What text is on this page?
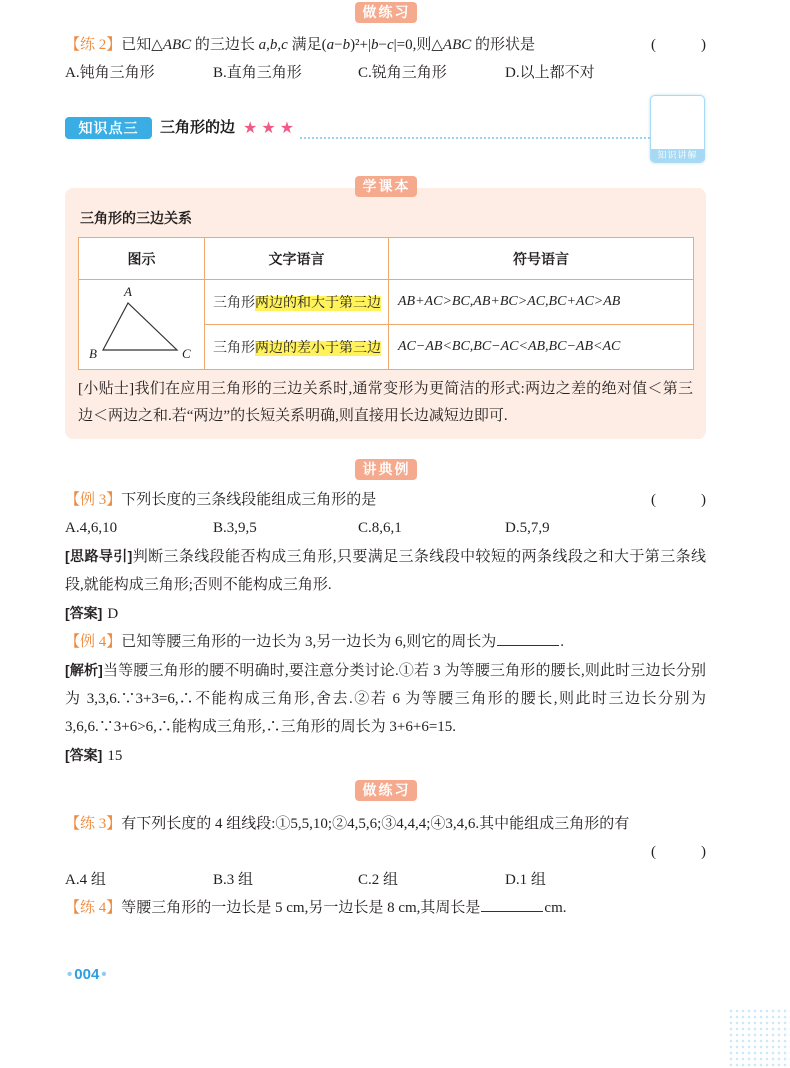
做练习
【练 2】已知△ABC 的三边长 a,b,c 满足(a−b)²+|b−c|=0,则△ABC 的形状是	(　　　)
A.钝角三角形	B.直角三角形	C.锐角三角形	D.以上都不对
知识点三	三角形的边
★ ★ ★
知识讲解
学课本
三角形的三边关系
图示	文字语言	符号语言

A
B C	三角形两边的和大于第三边	AB+AC>BC,AB+BC>AC,BC+AC>AB
	三角形两边的差小于第三边	AC−AB<BC,BC−AC<AB,BC−AB<AC
[小贴士]我们在应用三角形的三边关系时,通常变形为更简洁的形式:两边之差的绝对值＜第三边＜两边之和.若“两边”的长短关系明确,则直接用长边减短边即可.
讲典例
【例 3】下列长度的三条线段能组成三角形的是	(　　　)
A.4,6,10	B.3,9,5	C.8,6,1	D.5,7,9
[思路导引]判断三条线段能否构成三角形,只要满足三条线段中较短的两条线段之和大于第三条线段,就能构成三角形;否则不能构成三角形.
[答案] D
【例 4】已知等腰三角形的一边长为 3,另一边长为 6,则它的周长为	.
[解析]当等腰三角形的腰不明确时,要注意分类讨论.①若 3 为等腰三角形的腰长,则此时三边长分别为 3,3,6.∵3+3=6,∴不能构成三角形,舍去.②若 6 为等腰三角形的腰长,则此时三边长分别为 3,6,6.∵3+6>6,∴能构成三角形,∴三角形的周长为 3+6+6=15.
[答案] 15
做练习
【练 3】有下列长度的 4 组线段:①5,5,10;②4,5,6;③4,4,4;④3,4,6.其中能组成三角形的有
(　　　)
A.4 组	B.3 组	C.2 组	D.1 组
【练 4】等腰三角形的一边长是 5 cm,另一边长是 8 cm,其周长是	cm.
• 004 •
